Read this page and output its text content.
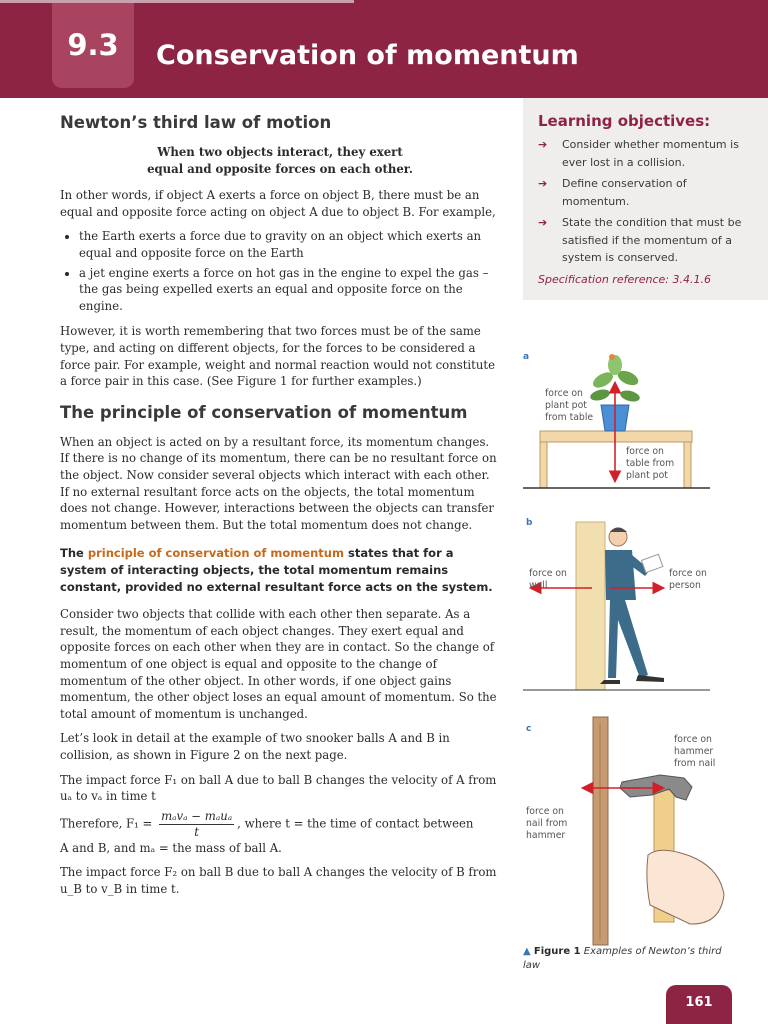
9.3	Conservation of momentum
Newton’s third law of motion
When two objects interact, they exert
equal and opposite forces on each other.

In other words, if object A exerts a force on object B, there must be an equal and opposite force acting on object A due to object B. For example,

• the Earth exerts a force due to gravity on an object which exerts an equal and opposite force on the Earth
• a jet engine exerts a force on hot gas in the engine to expel the gas – the gas being expelled exerts an equal and opposite force on the engine.

However, it is worth remembering that two forces must be of the same type, and acting on different objects, for the forces to be considered a force pair. For example, weight and normal reaction would not constitute a force pair in this case. (See Figure 1 for further examples.)

The principle of conservation of momentum

When an object is acted on by a resultant force, its momentum changes. If there is no change of its momentum, there can be no resultant force on the object. Now consider several objects which interact with each other. If no external resultant force acts on the objects, the total momentum does not change. However, interactions between the objects can transfer momentum between them. But the total momentum does not change.

The principle of conservation of momentum states that for a system of interacting objects, the total momentum remains constant, provided no external resultant force acts on the system.

Consider two objects that collide with each other then separate. As a result, the momentum of each object changes. They exert equal and opposite forces on each other when they are in contact. So the change of momentum of one object is equal and opposite to the change of momentum of the other object. In other words, if one object gains momentum, the other object loses an equal amount of momentum. So the total amount of momentum is unchanged.

Let’s look in detail at the example of two snooker balls A and B in collision, as shown in Figure 2 on the next page.

The impact force F₁ on ball A due to ball B changes the velocity of A from uₐ to vₐ in time t

Therefore, $F_1 = \frac{\text{mₐvₐ − mₐuₐ}}{t}$ , where t = the time of contact between

A and B, and mₐ = the mass of ball A.

The impact force F₂ on ball B due to ball A changes the velocity of B from u_B to v_B in time t.

Learning objectives:
➔ Consider whether momentum is ever lost in a collision.
➔ Define conservation of momentum.
➔ State the condition that must be satisfied if the momentum of a system is conserved.
Specification reference: 3.4.1.6
a
force on plant pot from table
force on table from plant pot
b
force on wall
force on person
c
force on hammer from nail
force on nail from hammer
▲ Figure 1 Examples of Newton’s third law
161
